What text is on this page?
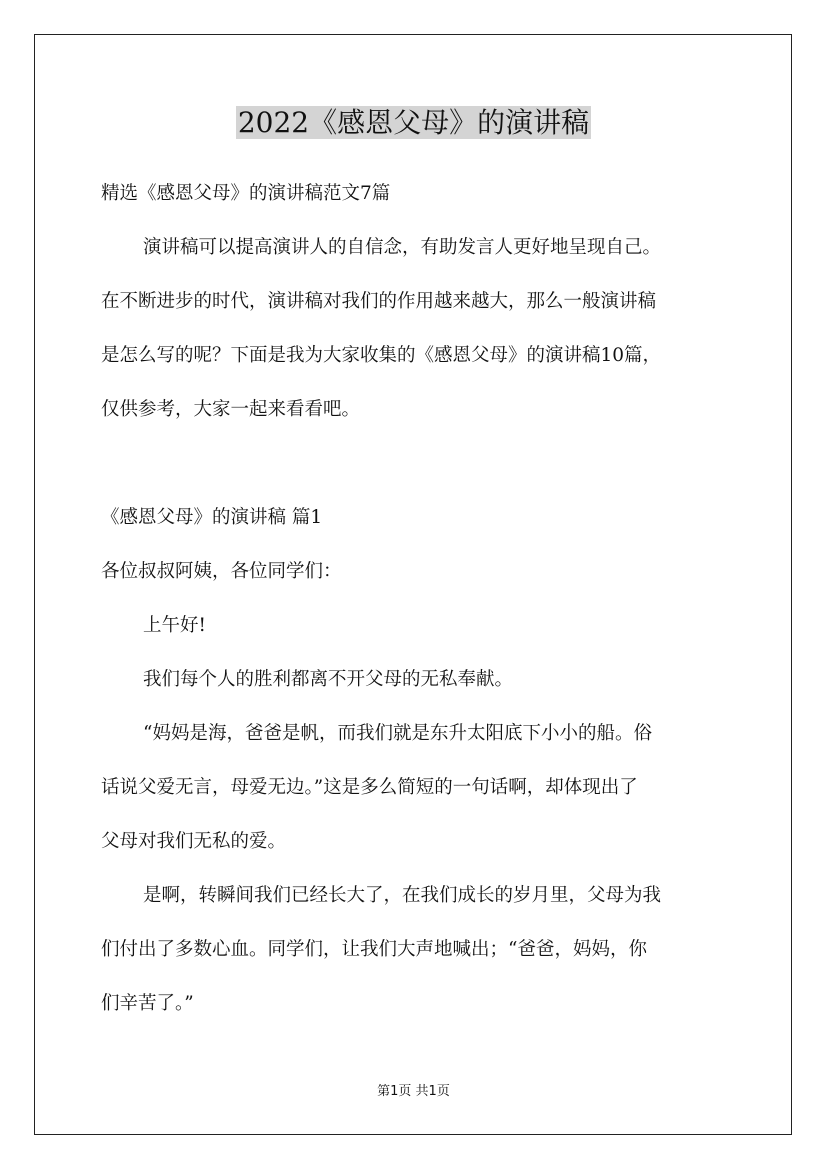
2022《感恩父母》的演讲稿
精选《感恩父母》的演讲稿范文7篇
演讲稿可以提高演讲人的自信念，有助发言人更好地呈现自己。
在不断进步的时代，演讲稿对我们的作用越来越大，那么一般演讲稿
是怎么写的呢？下面是我为大家收集的《感恩父母》的演讲稿10篇，
仅供参考，大家一起来看看吧。
《感恩父母》的演讲稿 篇1
各位叔叔阿姨，各位同学们：
上午好!
我们每个人的胜利都离不开父母的无私奉献。
“妈妈是海，爸爸是帆，而我们就是东升太阳底下小小的船。俗
话说父爱无言，母爱无边。”这是多么简短的一句话啊，却体现出了
父母对我们无私的爱。
是啊，转瞬间我们已经长大了，在我们成长的岁月里，父母为我
们付出了多数心血。同学们，让我们大声地喊出；“爸爸，妈妈，你
们辛苦了。”
第1页 共1页
